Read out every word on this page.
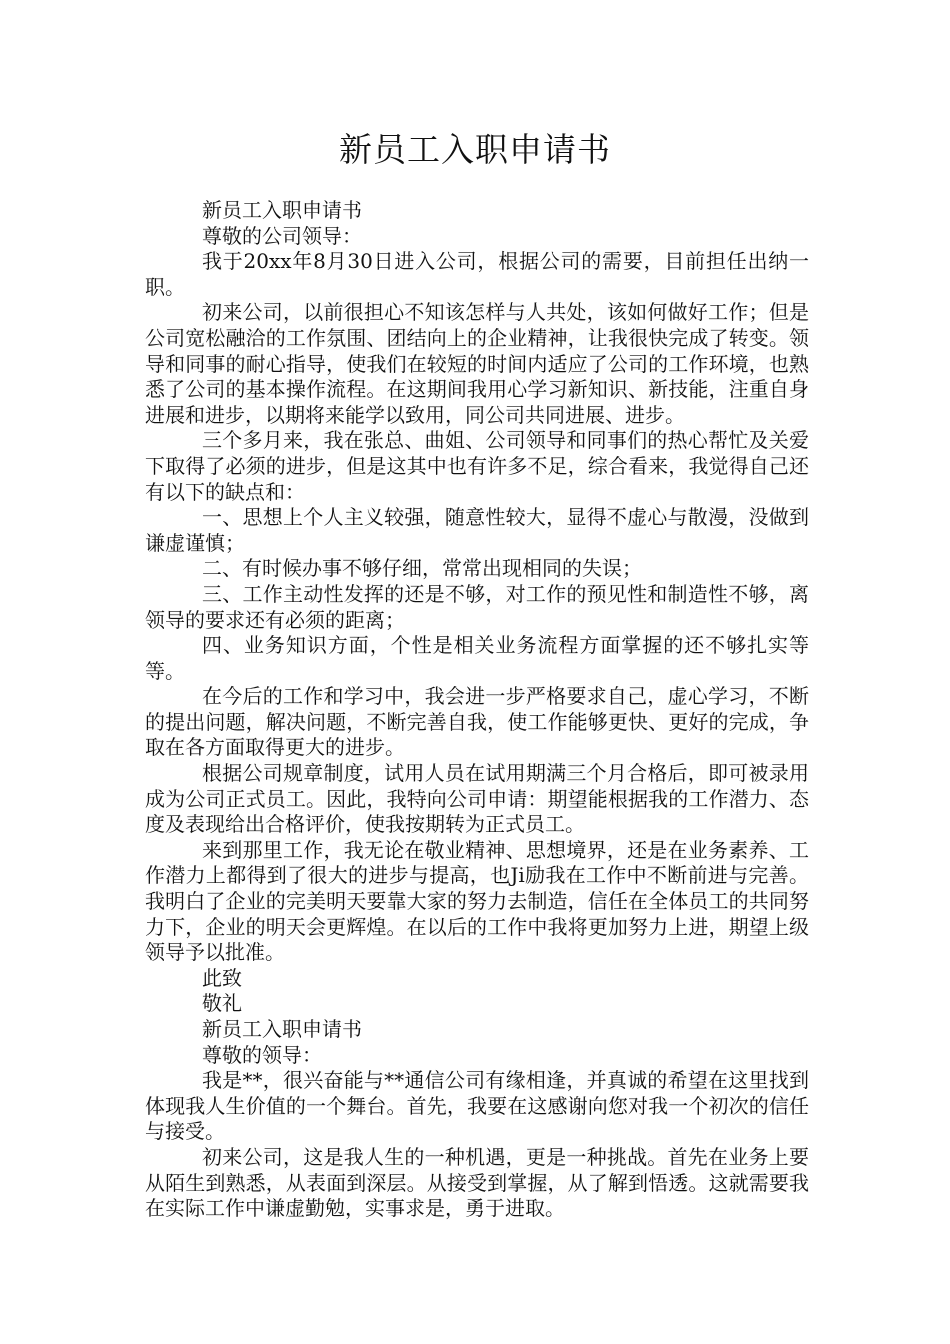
新员工入职申请书

新员工入职申请书

尊敬的公司领导：

我于20xx年8月30日进入公司，根据公司的需要，目前担任出纳一职。

初来公司，以前很担心不知该怎样与人共处，该如何做好工作；但是公司宽松融洽的工作氛围、团结向上的企业精神，让我很快完成了转变。领导和同事的耐心指导，使我们在较短的时间内适应了公司的工作环境，也熟悉了公司的基本操作流程。在这期间我用心学习新知识、新技能，注重自身进展和进步，以期将来能学以致用，同公司共同进展、进步。

三个多月来，我在张总、曲姐、公司领导和同事们的热心帮忙及关爱下取得了必须的进步，但是这其中也有许多不足，综合看来，我觉得自己还有以下的缺点和：

一、思想上个人主义较强，随意性较大，显得不虚心与散漫，没做到谦虚谨慎；

二、有时候办事不够仔细，常常出现相同的失误；

三、工作主动性发挥的还是不够，对工作的预见性和制造性不够，离领导的要求还有必须的距离；

四、业务知识方面，个性是相关业务流程方面掌握的还不够扎实等等。

在今后的工作和学习中，我会进一步严格要求自己，虚心学习，不断的提出问题，解决问题，不断完善自我，使工作能够更快、更好的完成，争取在各方面取得更大的进步。

根据公司规章制度，试用人员在试用期满三个月合格后，即可被录用成为公司正式员工。因此，我特向公司申请：期望能根据我的工作潜力、态度及表现给出合格评价，使我按期转为正式员工。

来到那里工作，我无论在敬业精神、思想境界，还是在业务素养、工作潜力上都得到了很大的进步与提高，也Ji励我在工作中不断前进与完善。我明白了企业的完美明天要靠大家的努力去制造，信任在全体员工的共同努力下，企业的明天会更辉煌。在以后的工作中我将更加努力上进，期望上级领导予以批准。

此致

敬礼

新员工入职申请书

尊敬的领导：

我是**，很兴奋能与**通信公司有缘相逢，并真诚的希望在这里找到体现我人生价值的一个舞台。首先，我要在这感谢向您对我一个初次的信任与接受。

初来公司，这是我人生的一种机遇，更是一种挑战。首先在业务上要从陌生到熟悉，从表面到深层。从接受到掌握，从了解到悟透。这就需要我在实际工作中谦虚勤勉，实事求是，勇于进取。
